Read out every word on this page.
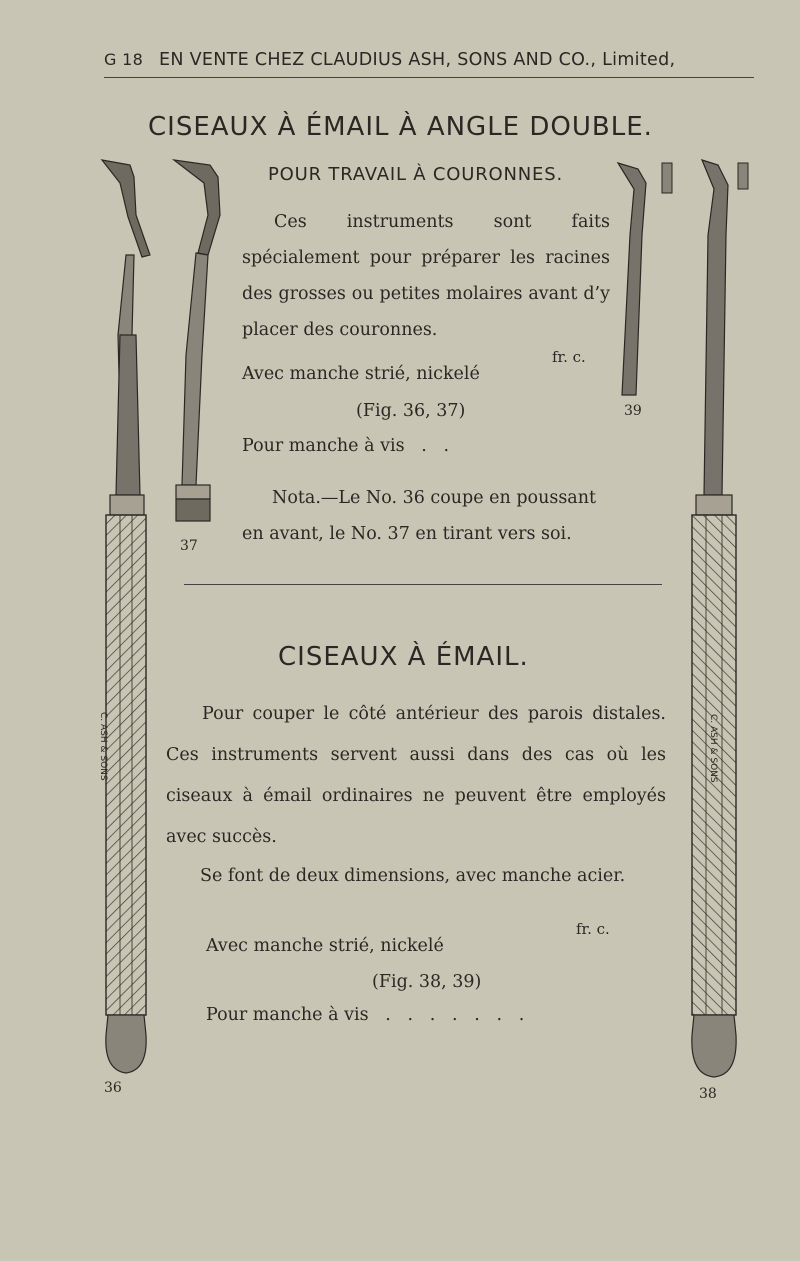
G 18 EN VENTE CHEZ CLAUDIUS ASH, SONS AND CO., Limited,
CISEAUX À ÉMAIL À ANGLE DOUBLE.
POUR TRAVAIL À COURONNES.
Ces instruments sont faits spécialement pour préparer les racines des grosses ou petites molaires avant d’y placer des couronnes.
fr. c.
Avec manche strié, nickelé
(Fig. 36, 37)
Pour manche à vis   .   .
Nota.—Le No. 36 coupe en poussant
en avant, le No. 37 en tirant vers soi.
CISEAUX À ÉMAIL.
Pour couper le côté antérieur des parois distales. Ces instruments servent aussi dans des cas où les ciseaux à émail ordinaires ne peuvent être employés avec succès.
Se font de deux dimensions, avec manche acier.
fr. c.
Avec manche strié, nickelé
(Fig. 38, 39)
Pour manche à vis   .   .   .   .   .   .   .
36
37
38
39
C. ASH & SONS	C. ASH & SONS
